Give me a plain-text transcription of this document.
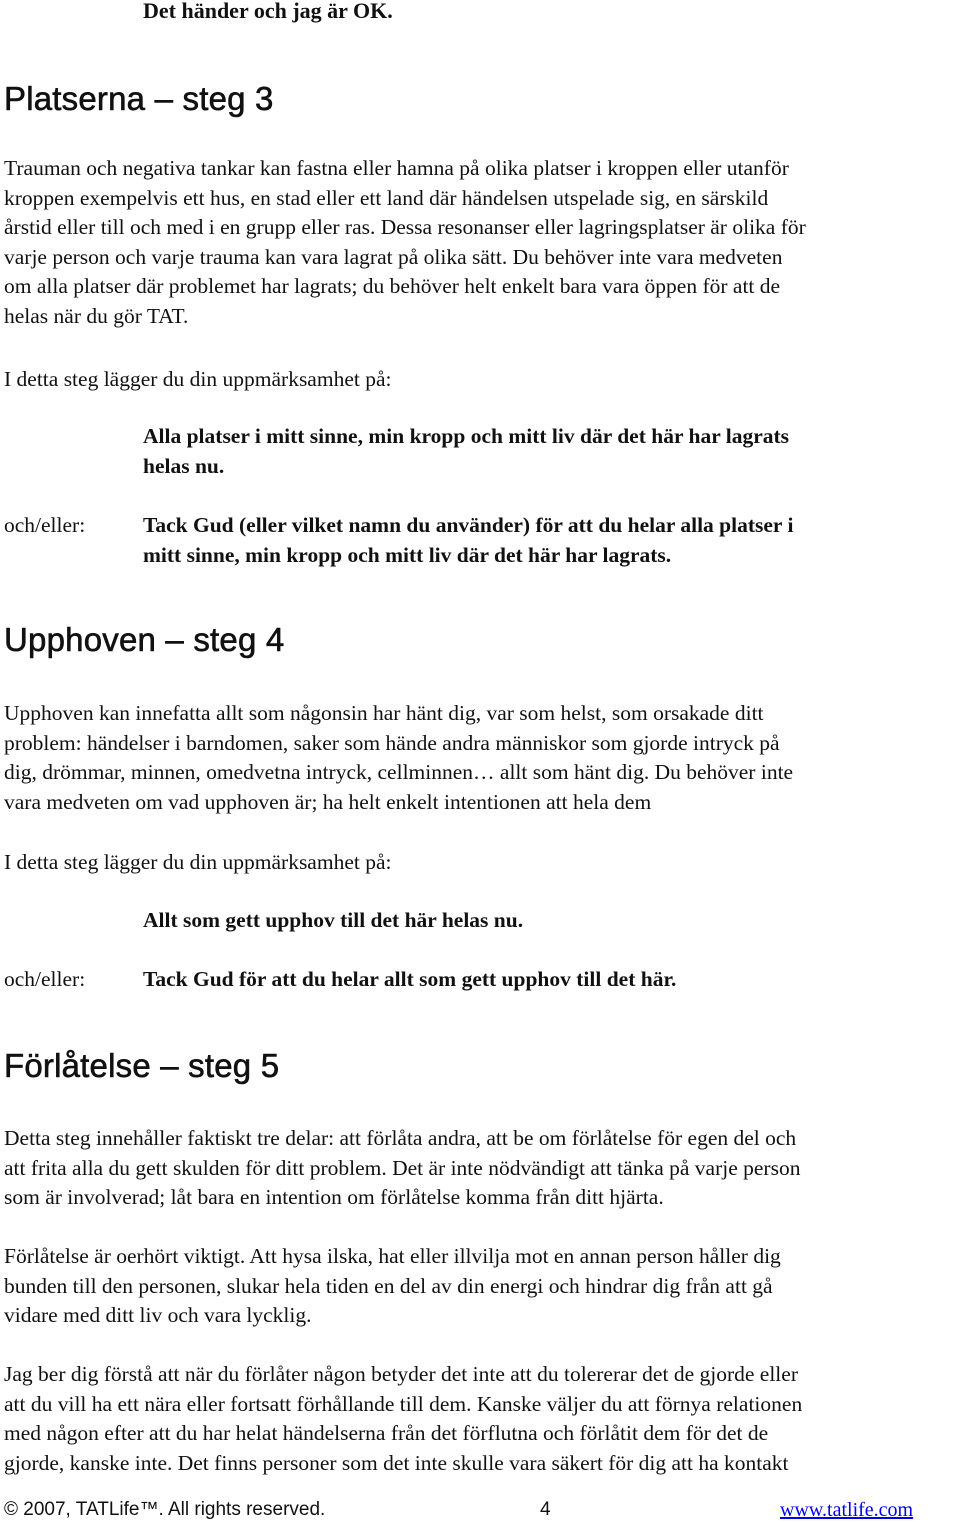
Det händer och jag är OK.
Platserna – steg 3
Trauman och negativa tankar kan fastna eller hamna på olika platser i kroppen eller utanför
kroppen exempelvis ett hus, en stad eller ett land där händelsen utspelade sig, en särskild
årstid eller till och med i en grupp eller ras. Dessa resonanser eller lagringsplatser är olika för
varje person och varje trauma kan vara lagrat på olika sätt. Du behöver inte vara medveten
om alla platser där problemet har lagrats; du behöver helt enkelt bara vara öppen för att de
helas när du gör TAT.
I detta steg lägger du din uppmärksamhet på:
Alla platser i mitt sinne, min kropp och mitt liv där det här har lagrats
helas nu.
och/eller:	Tack Gud (eller vilket namn du använder) för att du helar alla platser i
mitt sinne, min kropp och mitt liv där det här har lagrats.
Upphoven – steg 4
Upphoven kan innefatta allt som någonsin har hänt dig, var som helst, som orsakade ditt
problem: händelser i barndomen, saker som hände andra människor som gjorde intryck på
dig, drömmar, minnen, omedvetna intryck, cellminnen… allt som hänt dig. Du behöver inte
vara medveten om vad upphoven är; ha helt enkelt intentionen att hela dem
I detta steg lägger du din uppmärksamhet på:
Allt som gett upphov till det här helas nu.
och/eller:	Tack Gud för att du helar allt som gett upphov till det här.
Förlåtelse – steg 5
Detta steg innehåller faktiskt tre delar: att förlåta andra, att be om förlåtelse för egen del och
att frita alla du gett skulden för ditt problem. Det är inte nödvändigt att tänka på varje person
som är involverad; låt bara en intention om förlåtelse komma från ditt hjärta.
Förlåtelse är oerhört viktigt. Att hysa ilska, hat eller illvilja mot en annan person håller dig
bunden till den personen, slukar hela tiden en del av din energi och hindrar dig från att gå
vidare med ditt liv och vara lycklig.
Jag ber dig förstå att när du förlåter någon betyder det inte att du tolererar det de gjorde eller
att du vill ha ett nära eller fortsatt förhållande till dem. Kanske väljer du att förnya relationen
med någon efter att du har helat händelserna från det förflutna och förlåtit dem för det de
gjorde, kanske inte. Det finns personer som det inte skulle vara säkert för dig att ha kontakt
© 2007, TATLife™. All rights reserved.	4	www.tatlife.com
